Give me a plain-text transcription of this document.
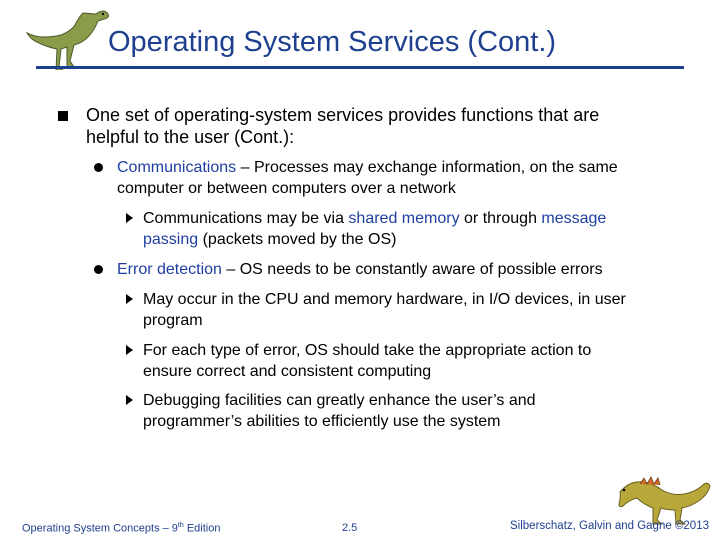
Operating System Services (Cont.)
One set of operating-system services provides functions that are
helpful to the user (Cont.):
Communications – Processes may exchange information, on the same
computer or between computers over a network
Communications may be via shared memory or through message
passing (packets moved by the OS)
Error detection – OS needs to be constantly aware of possible errors
May occur in the CPU and memory hardware, in I/O devices, in user
program
For each type of error, OS should take the appropriate action to
ensure correct and consistent computing
Debugging facilities can greatly enhance the user’s and
programmer’s abilities to efficiently use the system
Operating System Concepts – 9th Edition	2.5	Silberschatz, Galvin and Gagne ©2013
